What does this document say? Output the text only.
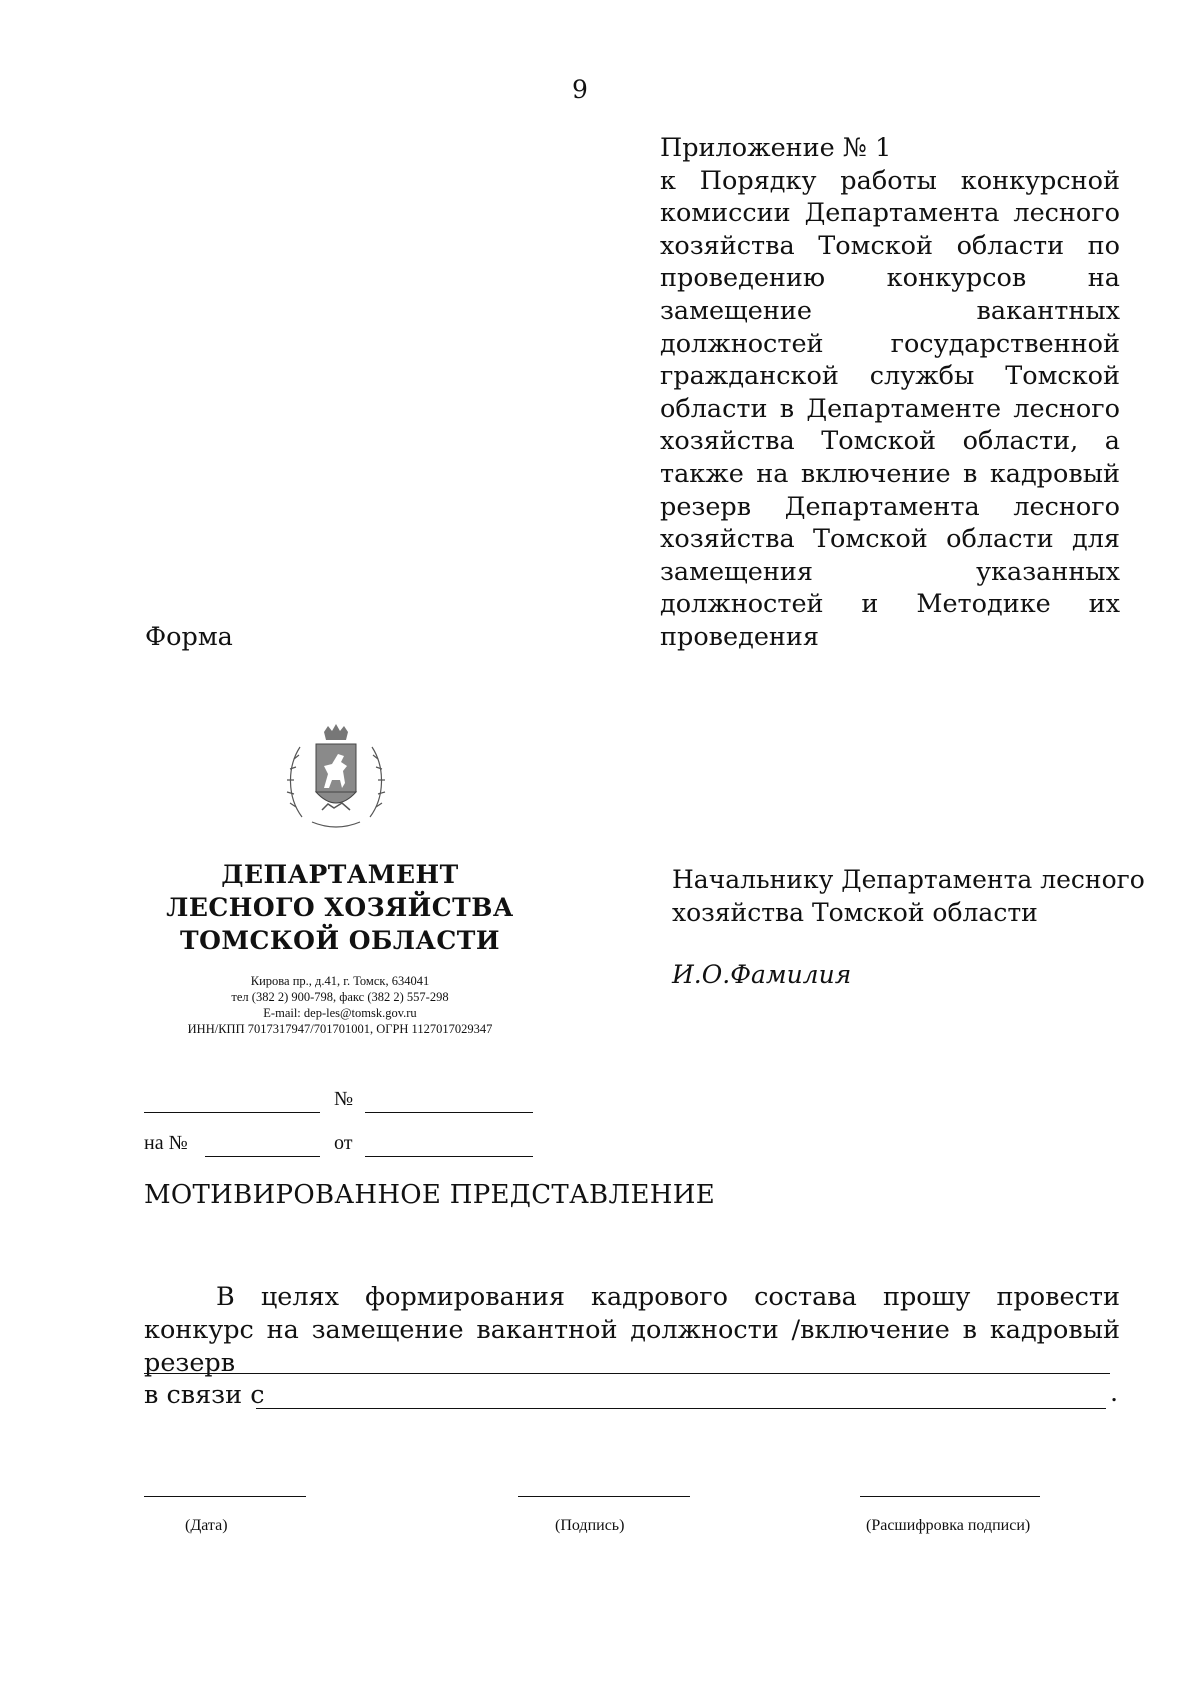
9
Приложение № 1
к Порядку работы конкурсной комиссии Департамента лесного хозяйства Томской области по проведению конкурсов на замещение вакантных должностей государственной гражданской службы Томской области в Департаменте лесного хозяйства Томской области, а также на включение в кадровый резерв Департамента лесного хозяйства Томской области для замещения указанных должностей и Методике их проведения
Форма
ДЕПАРТАМЕНТ
ЛЕСНОГО ХОЗЯЙСТВА
ТОМСКОЙ ОБЛАСТИ
Кирова пр., д.41, г. Томск, 634041
тел (382 2) 900-798, факс (382 2) 557-298
E-mail: dep-les@tomsk.gov.ru
ИНН/КПП 7017317947/701701001, ОГРН 1127017029347
Начальнику Департамента лесного
хозяйства Томской области
И.О.Фамилия
№
на №	от
МОТИВИРОВАННОЕ ПРЕДСТАВЛЕНИЕ
В целях формирования кадрового состава прошу провести конкурс на замещение вакантной должности /включение в кадровый резерв
в связи с	.
(Дата)	(Подпись)	(Расшифровка подписи)
